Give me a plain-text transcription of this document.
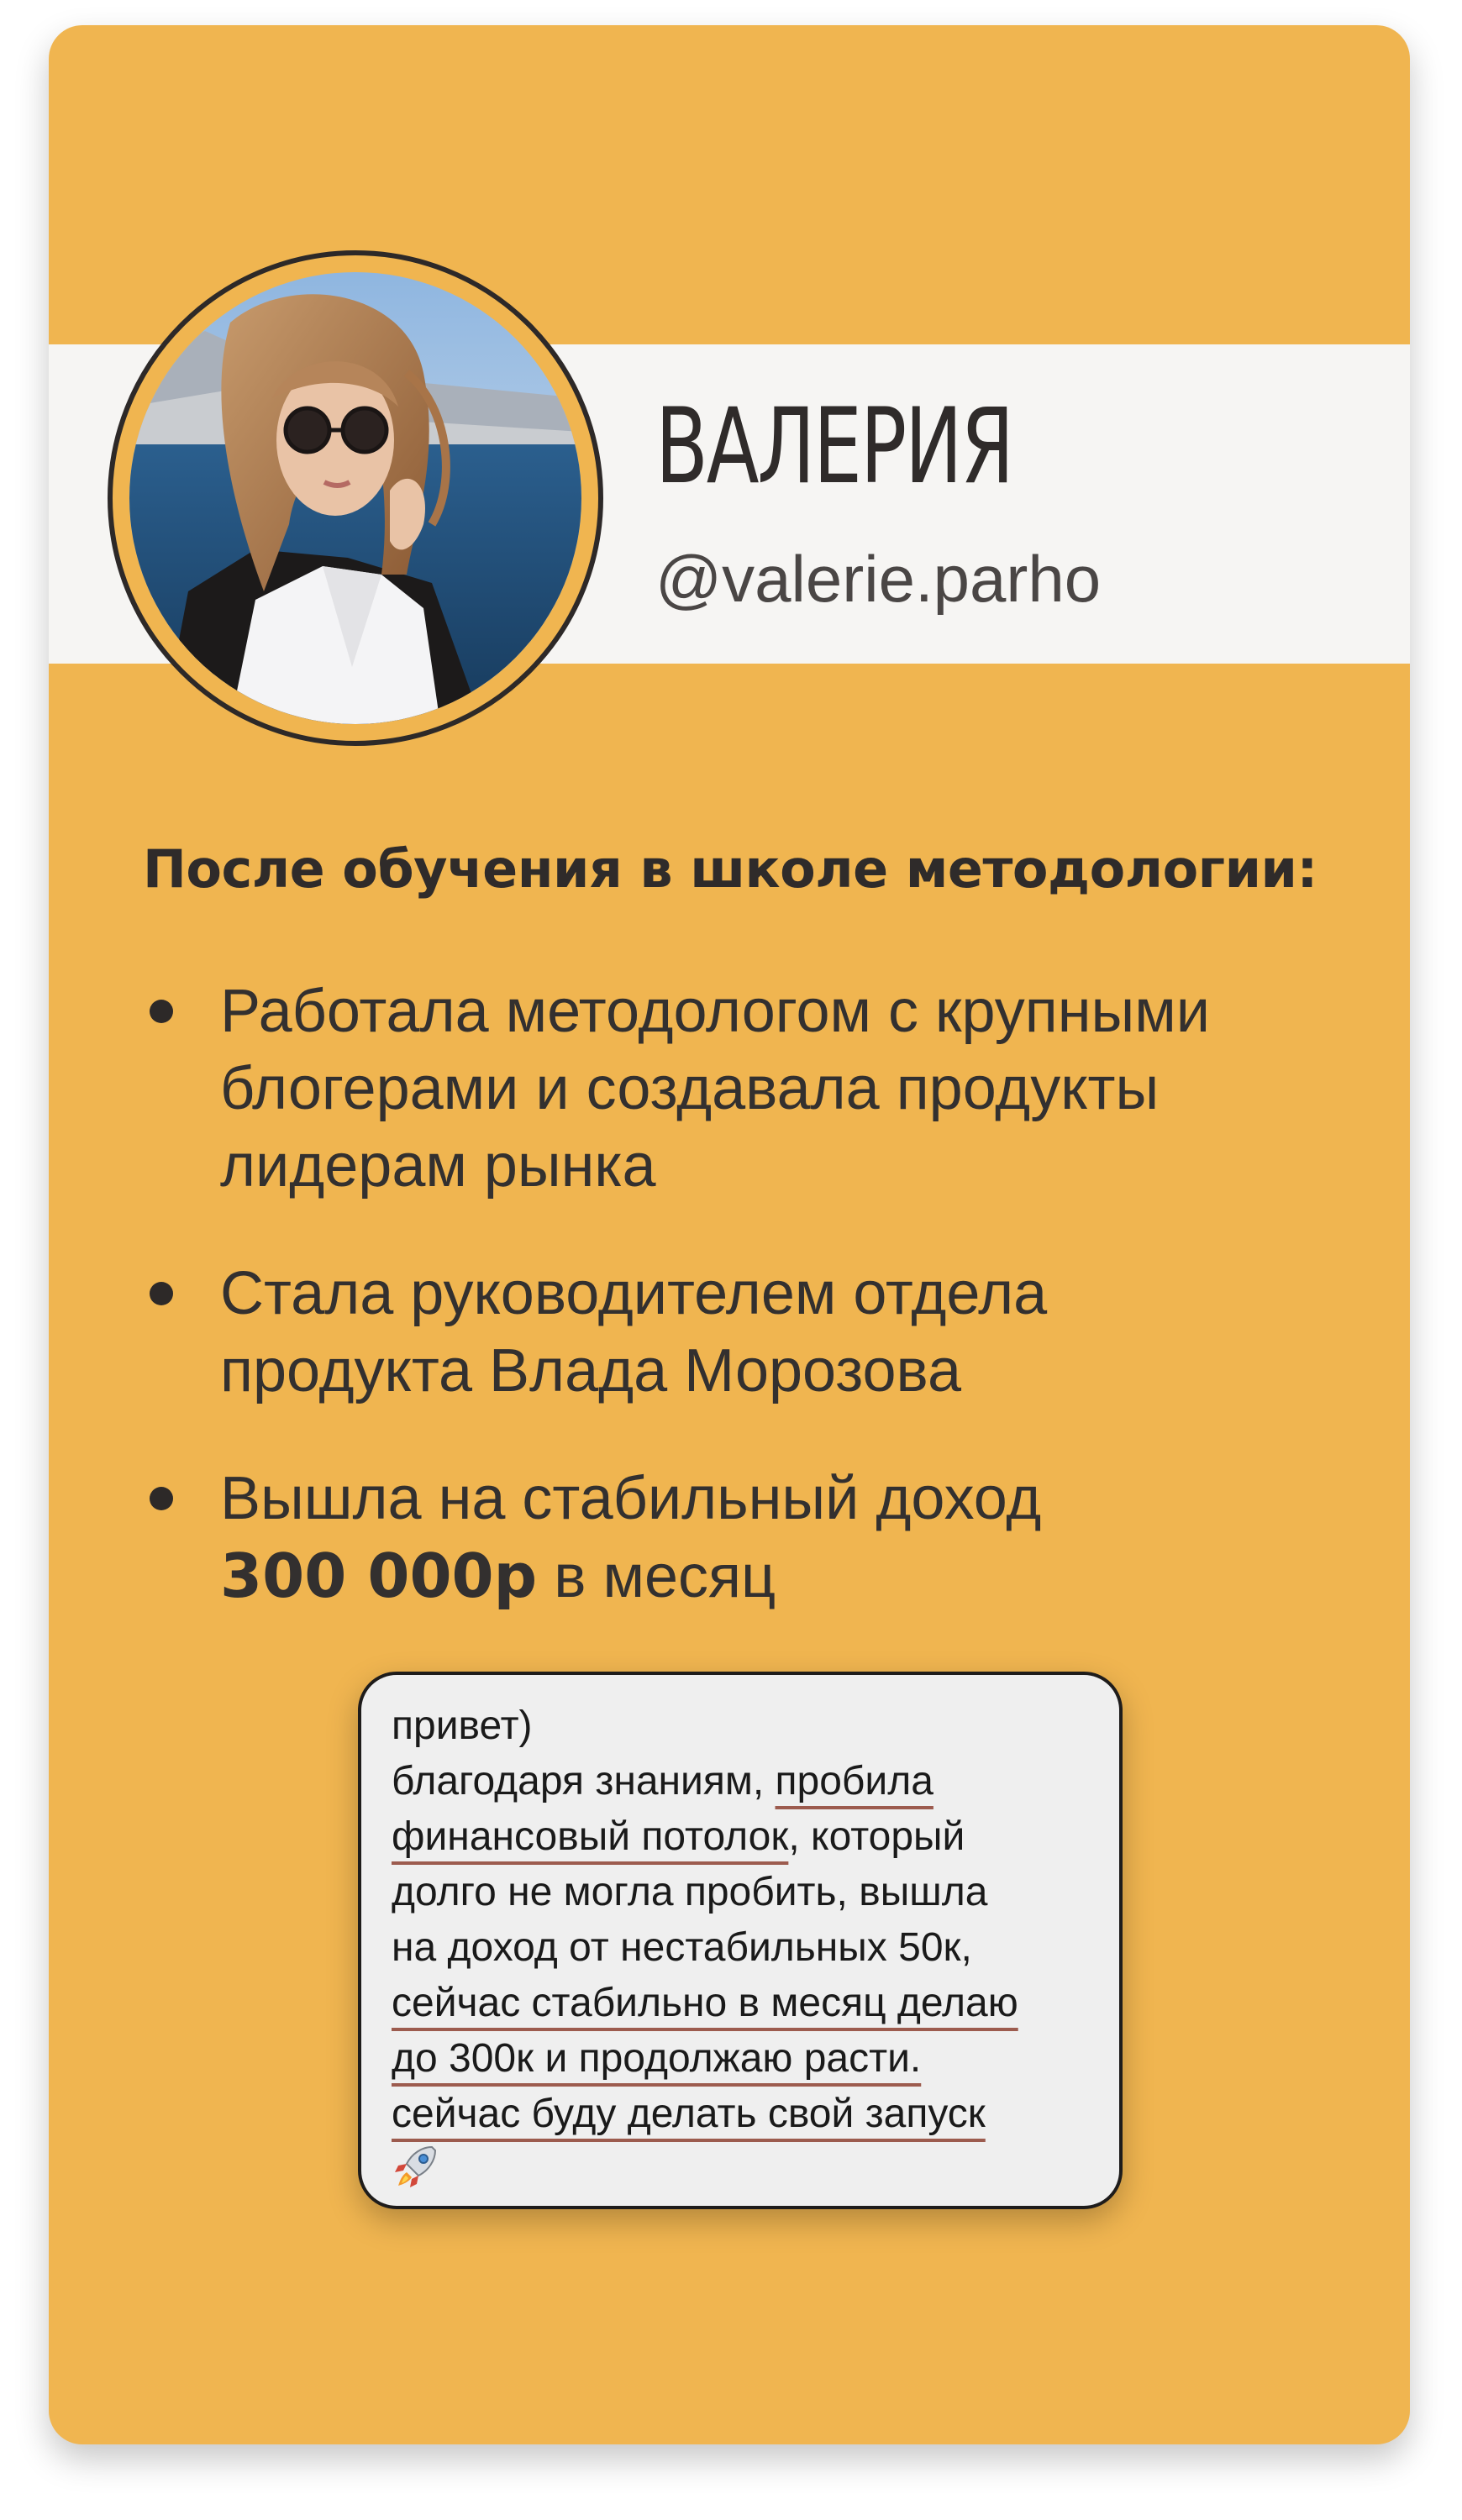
ВАЛЕРИЯ
@valerie.parho
После обучения в школе методологии:
Работала методологом с крупными
блогерами и создавала продукты
лидерам рынка
Стала руководителем отдела
продукта Влада Морозова
Вышла на стабильный доход
300 000р в месяц

привет)

благодаря знаниям, пробила

финансовый потолок, который

долго не могла пробить, вышла

на доход от нестабильных 50к,

сейчас стабильно в месяц делаю

до 300к и продолжаю расти.

сейчас буду делать свой запуск
